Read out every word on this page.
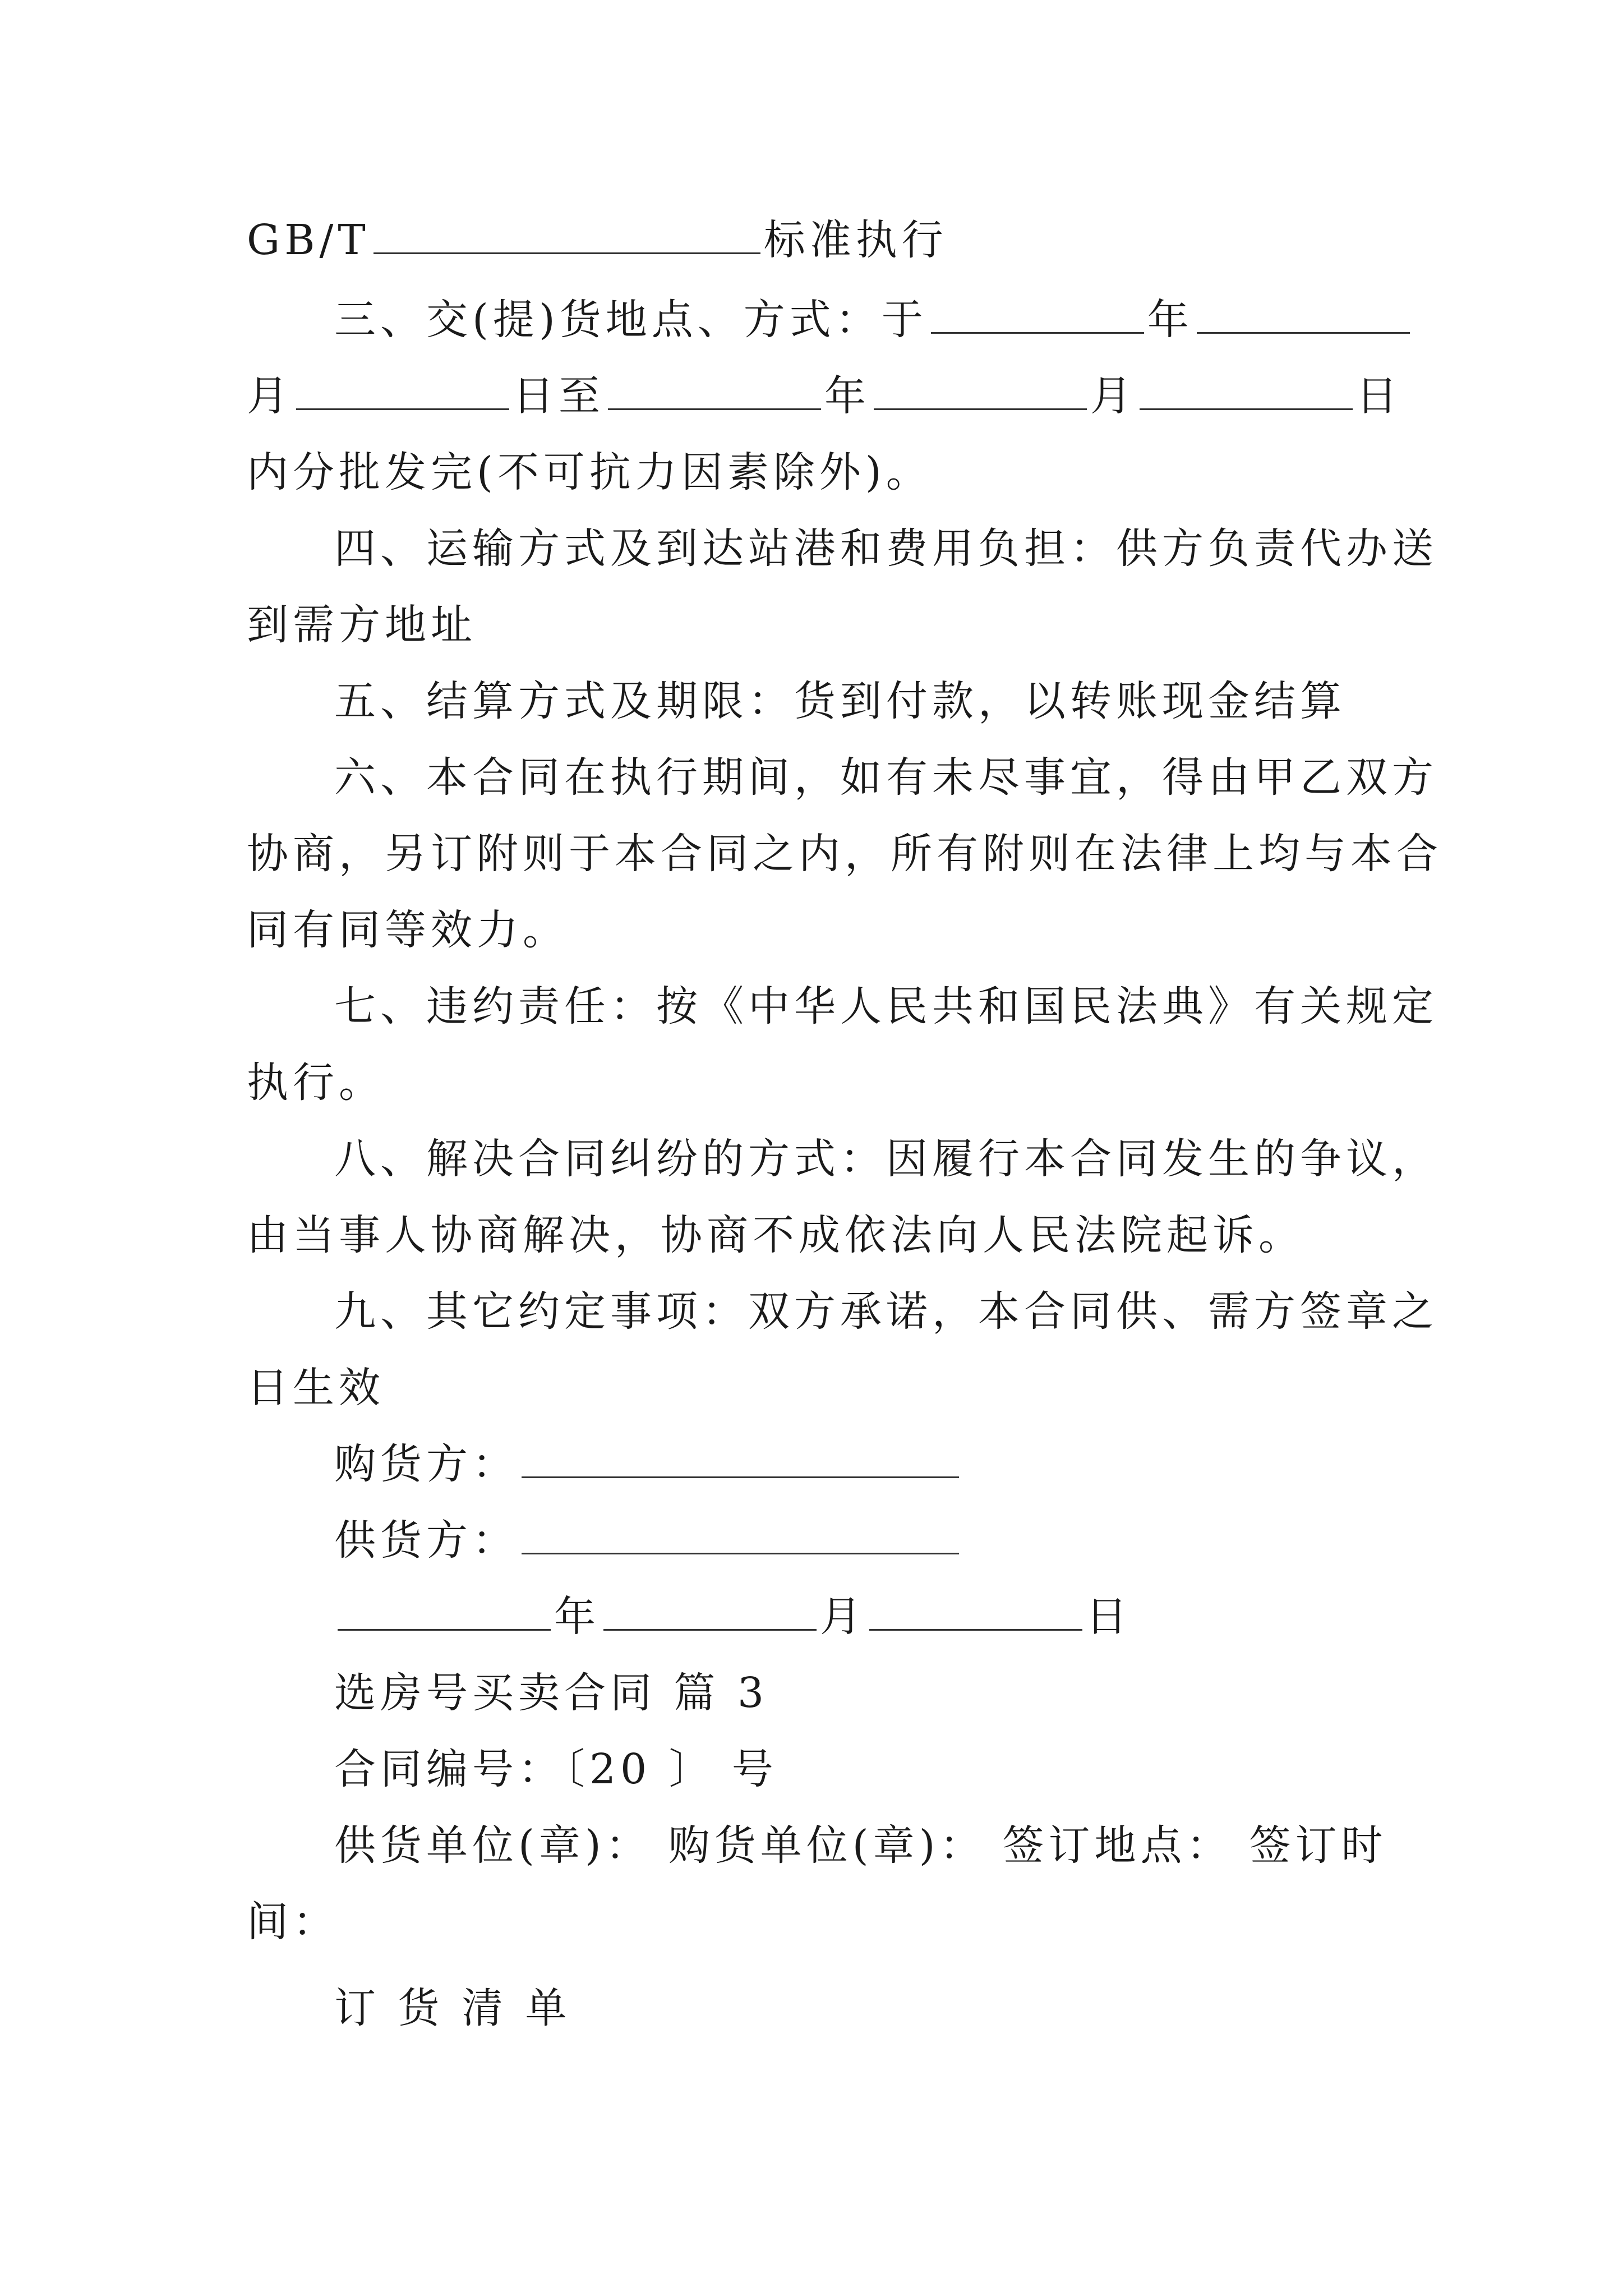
GB/T	标准执行
三、交(提)货地点、方式：于	年
月	日至	年	月	日
内分批发完(不可抗力因素除外)。
四、运输方式及到达站港和费用负担：供方负责代办送
到需方地址
五、结算方式及期限：货到付款，以转账现金结算
六、本合同在执行期间，如有未尽事宜，得由甲乙双方
协商，另订附则于本合同之内，所有附则在法律上均与本合
同有同等效力。
七、违约责任：按《中华人民共和国民法典》有关规定
执行。
八、解决合同纠纷的方式：因履行本合同发生的争议，
由当事人协商解决，协商不成依法向人民法院起诉。
九、其它约定事项：双方承诺，本合同供、需方签章之
日生效
购货方：
供货方：
年	月	日
选房号买卖合同 篇 3
合同编号：〔20 〕 号
供货单位(章)： 购货单位(章)： 签订地点： 签订时
间：
订 货 清 单
